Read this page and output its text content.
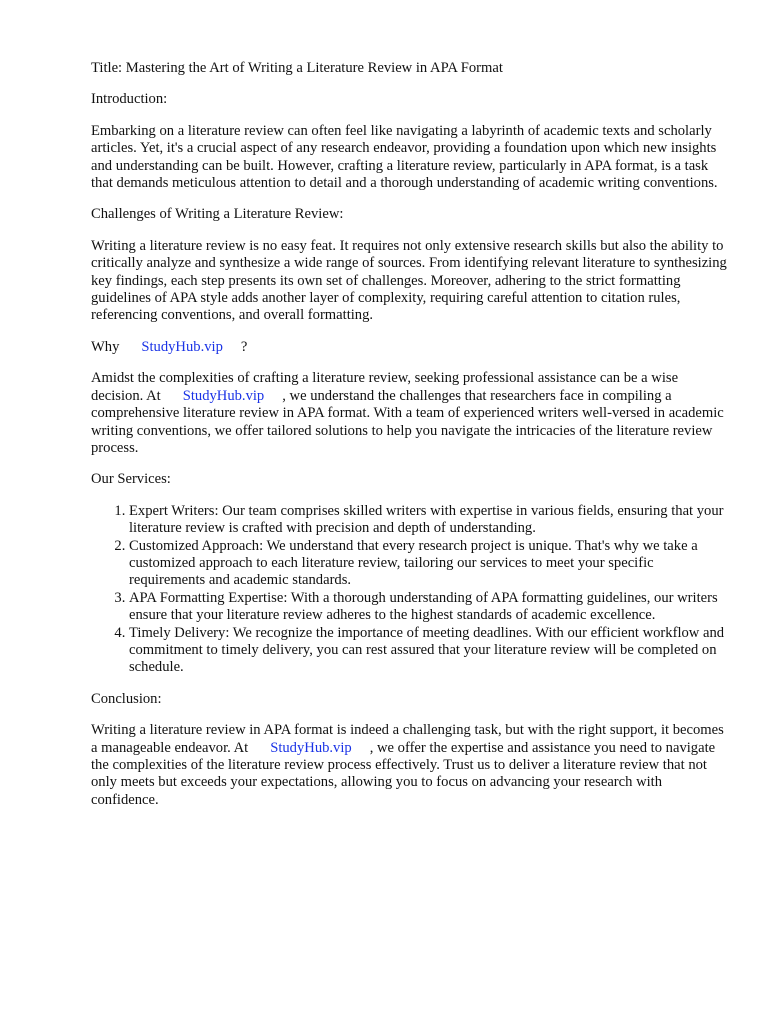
Title: Mastering the Art of Writing a Literature Review in APA Format

Introduction:

Embarking on a literature review can often feel like navigating a labyrinth of academic texts and scholarly articles. Yet, it's a crucial aspect of any research endeavor, providing a foundation upon which new insights and understanding can be built. However, crafting a literature review, particularly in APA format, is a task that demands meticulous attention to detail and a thorough understanding of academic writing conventions.

Challenges of Writing a Literature Review:

Writing a literature review is no easy feat. It requires not only extensive research skills but also the ability to critically analyze and synthesize a wide range of sources. From identifying relevant literature to synthesizing key findings, each step presents its own set of challenges. Moreover, adhering to the strict formatting guidelines of APA style adds another layer of complexity, requiring careful attention to citation rules, referencing conventions, and overall formatting.

Why StudyHub.vip ?

Amidst the complexities of crafting a literature review, seeking professional assistance can be a wise decision. At StudyHub.vip , we understand the challenges that researchers face in compiling a comprehensive literature review in APA format. With a team of experienced writers well-versed in academic writing conventions, we offer tailored solutions to help you navigate the intricacies of the literature review process.

Our Services:

1. Expert Writers: Our team comprises skilled writers with expertise in various fields, ensuring that your literature review is crafted with precision and depth of understanding.
2. Customized Approach: We understand that every research project is unique. That's why we take a customized approach to each literature review, tailoring our services to meet your specific requirements and academic standards.
3. APA Formatting Expertise: With a thorough understanding of APA formatting guidelines, our writers ensure that your literature review adheres to the highest standards of academic excellence.
4. Timely Delivery: We recognize the importance of meeting deadlines. With our efficient workflow and commitment to timely delivery, you can rest assured that your literature review will be completed on schedule.

Conclusion:

Writing a literature review in APA format is indeed a challenging task, but with the right support, it becomes a manageable endeavor. At StudyHub.vip , we offer the expertise and assistance you need to navigate the complexities of the literature review process effectively. Trust us to deliver a literature review that not only meets but exceeds your expectations, allowing you to focus on advancing your research with confidence.
